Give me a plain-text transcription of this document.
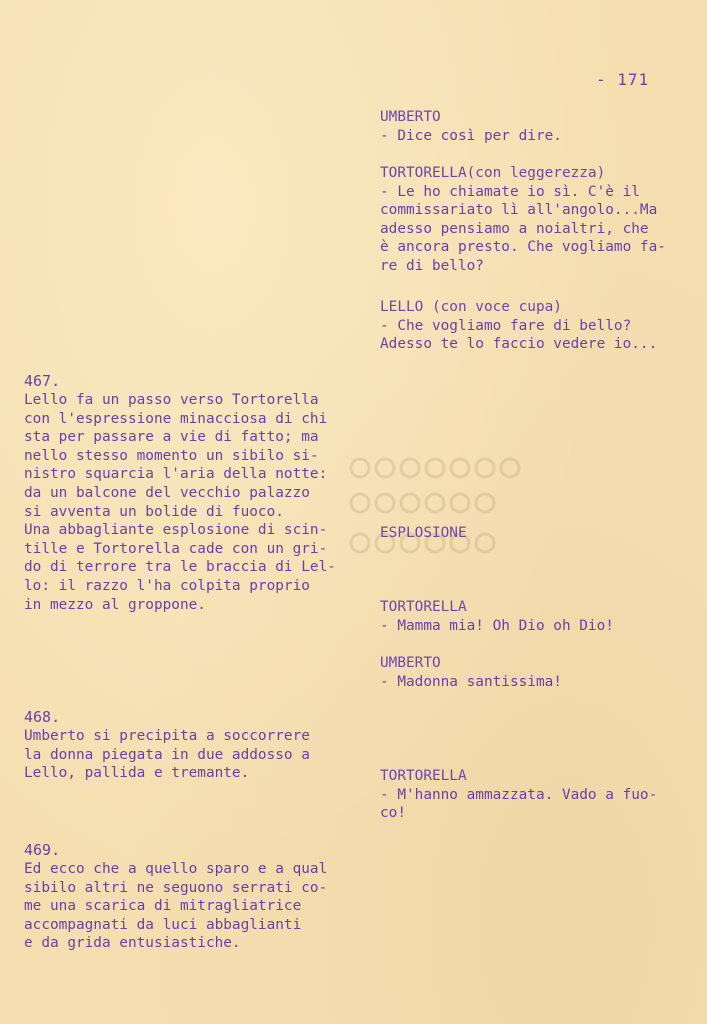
- 171
UMBERTO
- Dice così per dire.
TORTORELLA(con leggerezza)
- Le ho chiamate io sì. C'è il
commissariato lì all'angolo...Ma
adesso pensiamo a noialtri, che
è ancora presto. Che vogliamo fa-
re di bello?
LELLO (con voce cupa)
- Che vogliamo fare di bello?
Adesso te lo faccio vedere io...
ESPLOSIONE
TORTORELLA
- Mamma mia! Oh Dio oh Dio!
UMBERTO
- Madonna santissima!
TORTORELLA
- M'hanno ammazzata. Vado a fuo-
co!
467.
Lello fa un passo verso Tortorella
con l'espressione minacciosa di chi
sta per passare a vie di fatto; ma
nello stesso momento un sibilo si-
nistro squarcia l'aria della notte:
da un balcone del vecchio palazzo
si avventa un bolide di fuoco.
Una abbagliante esplosione di scin-
tille e Tortorella cade con un gri-
do di terrore tra le braccia di Lel-
lo: il razzo l'ha colpita proprio
in mezzo al groppone.
468.
Umberto si precipita a soccorrere
la donna piegata in due addosso a
Lello, pallida e tremante.
469.
Ed ecco che a quello sparo e a qual
sibilo altri ne seguono serrati co-
me una scarica di mitragliatrice
accompagnati da luci abbaglianti
e da grida entusiastiche.
